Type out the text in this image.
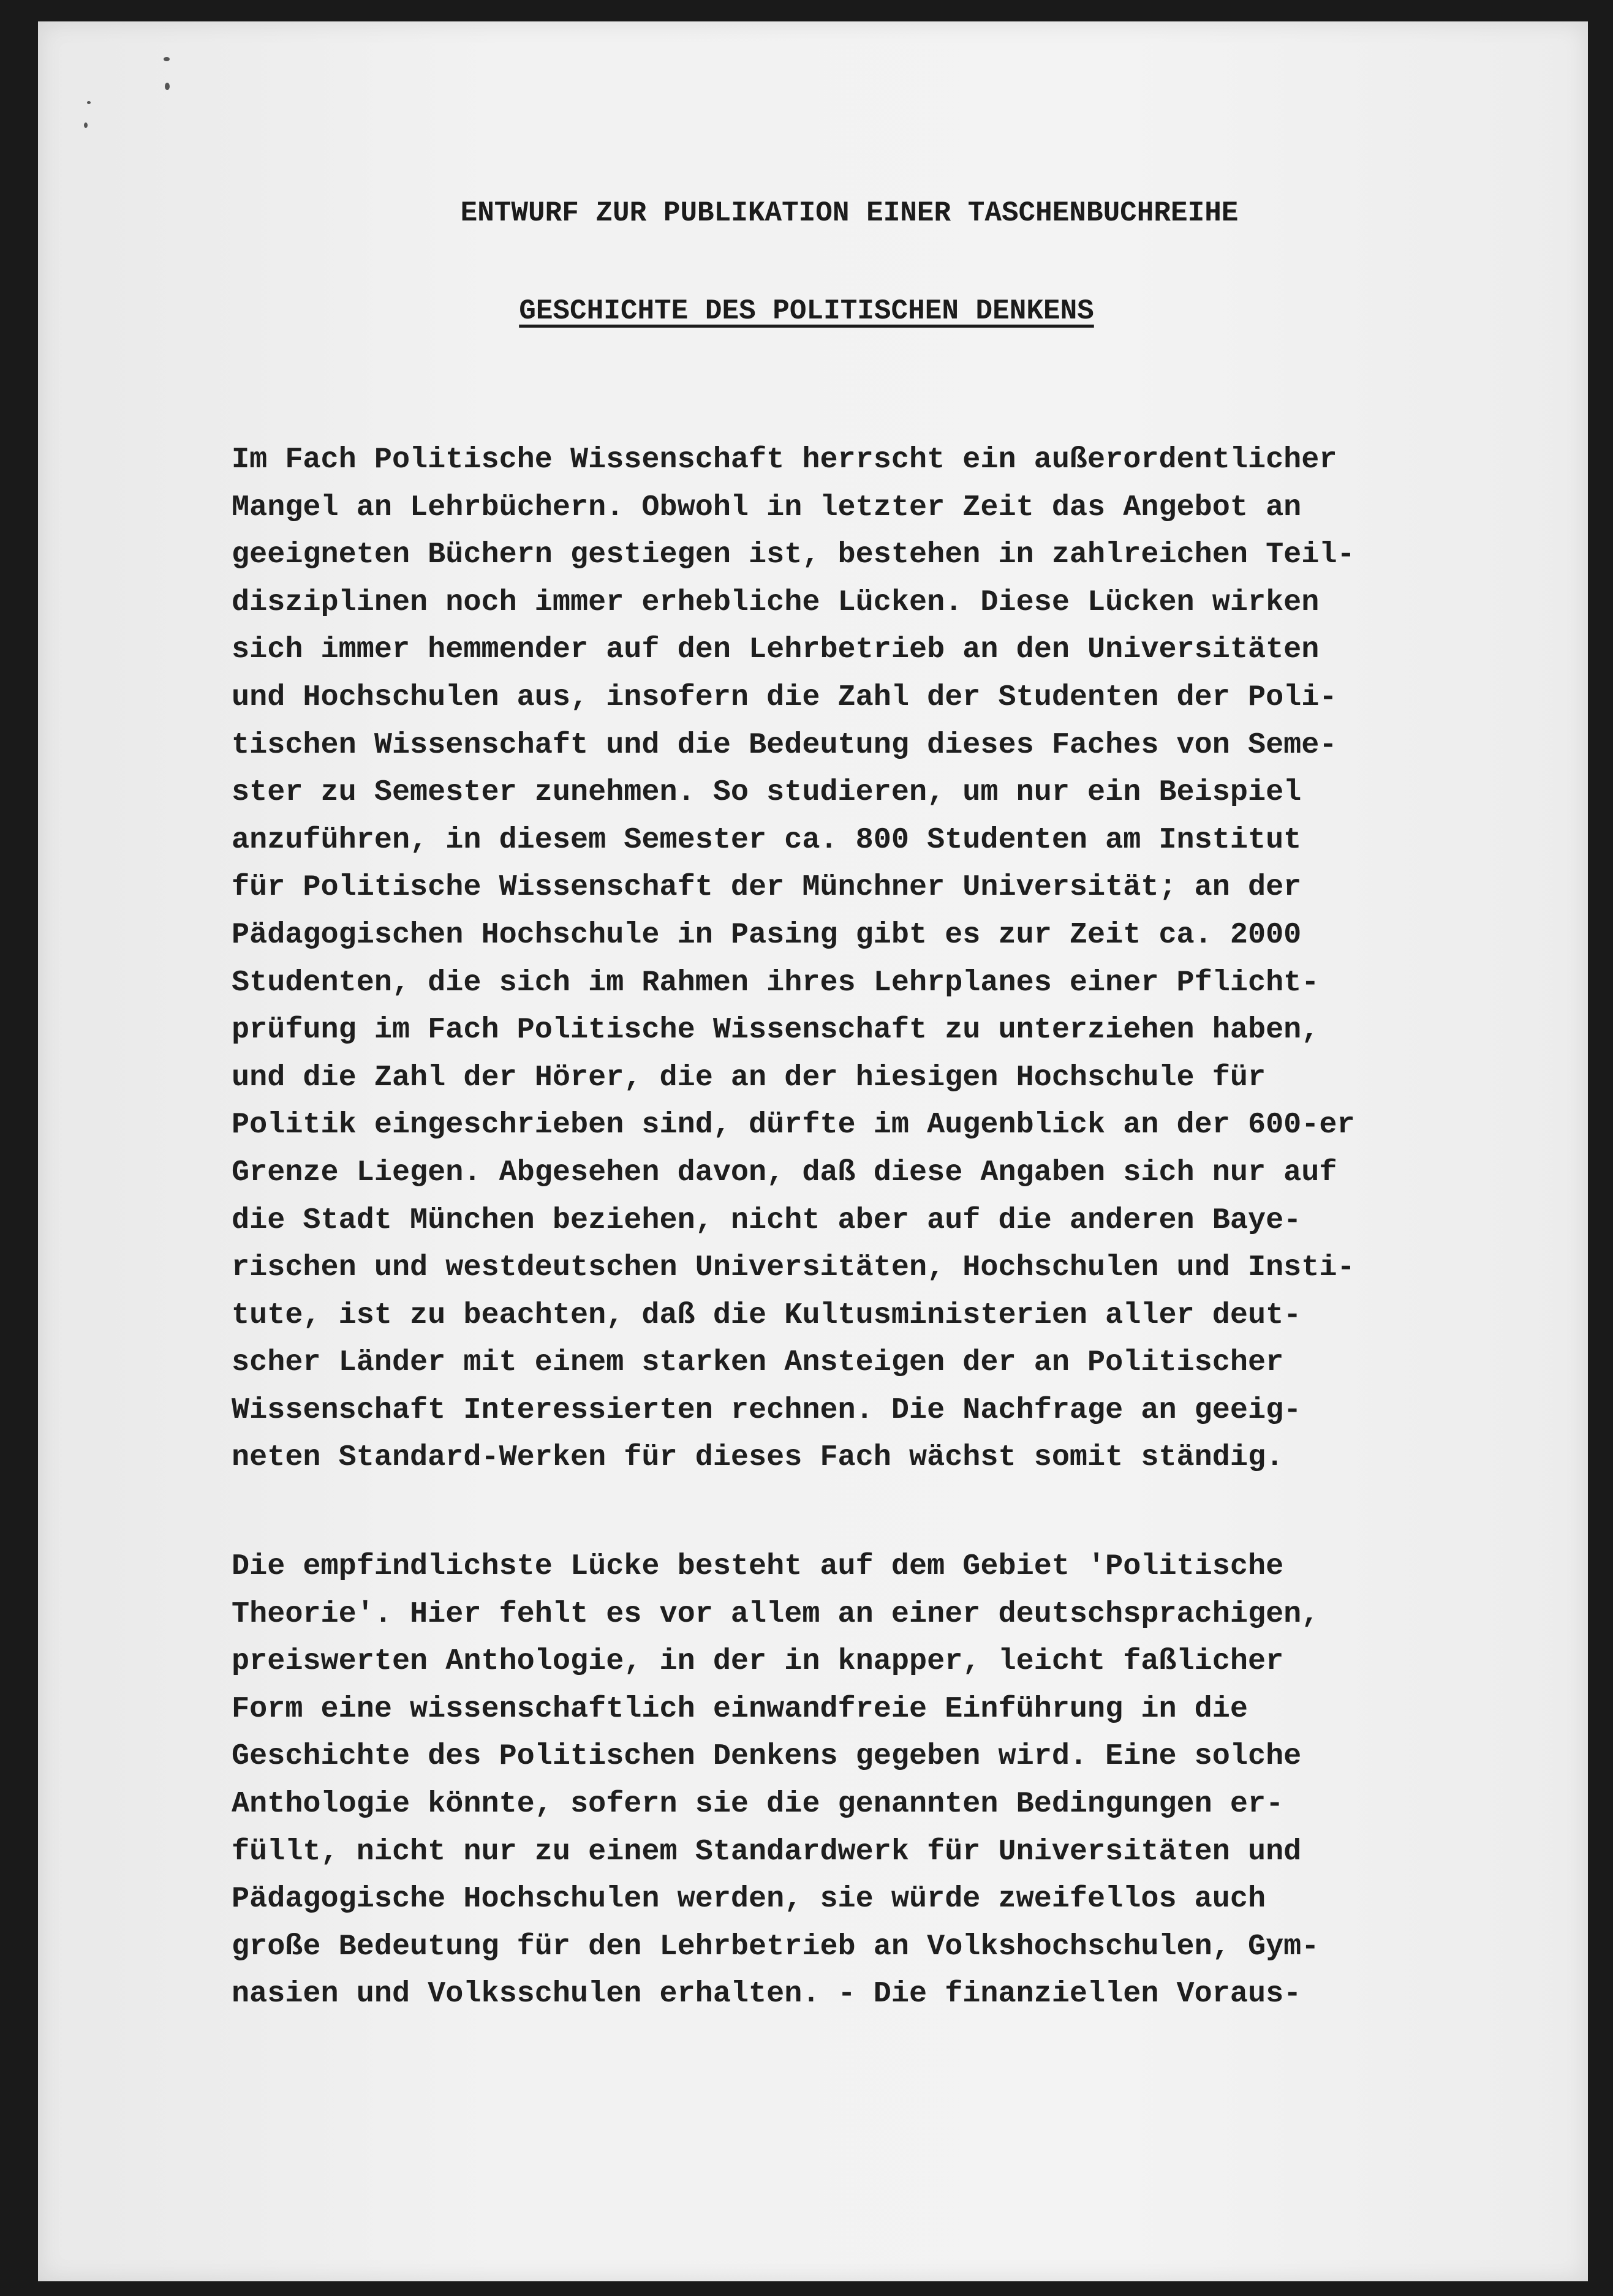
ENTWURF ZUR PUBLIKATION EINER TASCHENBUCHREIHE
GESCHICHTE DES POLITISCHEN DENKENS
Im Fach Politische Wissenschaft herrscht ein außerordentlicher
Mangel an Lehrbüchern. Obwohl in letzter Zeit das Angebot an
geeigneten Büchern gestiegen ist, bestehen in zahlreichen Teil-
disziplinen noch immer erhebliche Lücken. Diese Lücken wirken
sich immer hemmender auf den Lehrbetrieb an den Universitäten
und Hochschulen aus, insofern die Zahl der Studenten der Poli-
tischen Wissenschaft und die Bedeutung dieses Faches von Seme-
ster zu Semester zunehmen. So studieren, um nur ein Beispiel
anzuführen, in diesem Semester ca. 800 Studenten am Institut
für Politische Wissenschaft der Münchner Universität; an der
Pädagogischen Hochschule in Pasing gibt es zur Zeit ca. 2000
Studenten, die sich im Rahmen ihres Lehrplanes einer Pflicht-
prüfung im Fach Politische Wissenschaft zu unterziehen haben,
und die Zahl der Hörer, die an der hiesigen Hochschule für
Politik eingeschrieben sind, dürfte im Augenblick an der 600-er
Grenze Liegen. Abgesehen davon, daß diese Angaben sich nur auf
die Stadt München beziehen, nicht aber auf die anderen Baye-
rischen und westdeutschen Universitäten, Hochschulen und Insti-
tute, ist zu beachten, daß die Kultusministerien aller deut-
scher Länder mit einem starken Ansteigen der an Politischer
Wissenschaft Interessierten rechnen. Die Nachfrage an geeig-
neten Standard-Werken für dieses Fach wächst somit ständig.
Die empfindlichste Lücke besteht auf dem Gebiet 'Politische
Theorie'. Hier fehlt es vor allem an einer deutschsprachigen,
preiswerten Anthologie, in der in knapper, leicht faßlicher
Form eine wissenschaftlich einwandfreie Einführung in die
Geschichte des Politischen Denkens gegeben wird. Eine solche
Anthologie könnte, sofern sie die genannten Bedingungen er-
füllt, nicht nur zu einem Standardwerk für Universitäten und
Pädagogische Hochschulen werden, sie würde zweifellos auch
große Bedeutung für den Lehrbetrieb an Volkshochschulen, Gym-
nasien und Volksschulen erhalten. - Die finanziellen Voraus-
